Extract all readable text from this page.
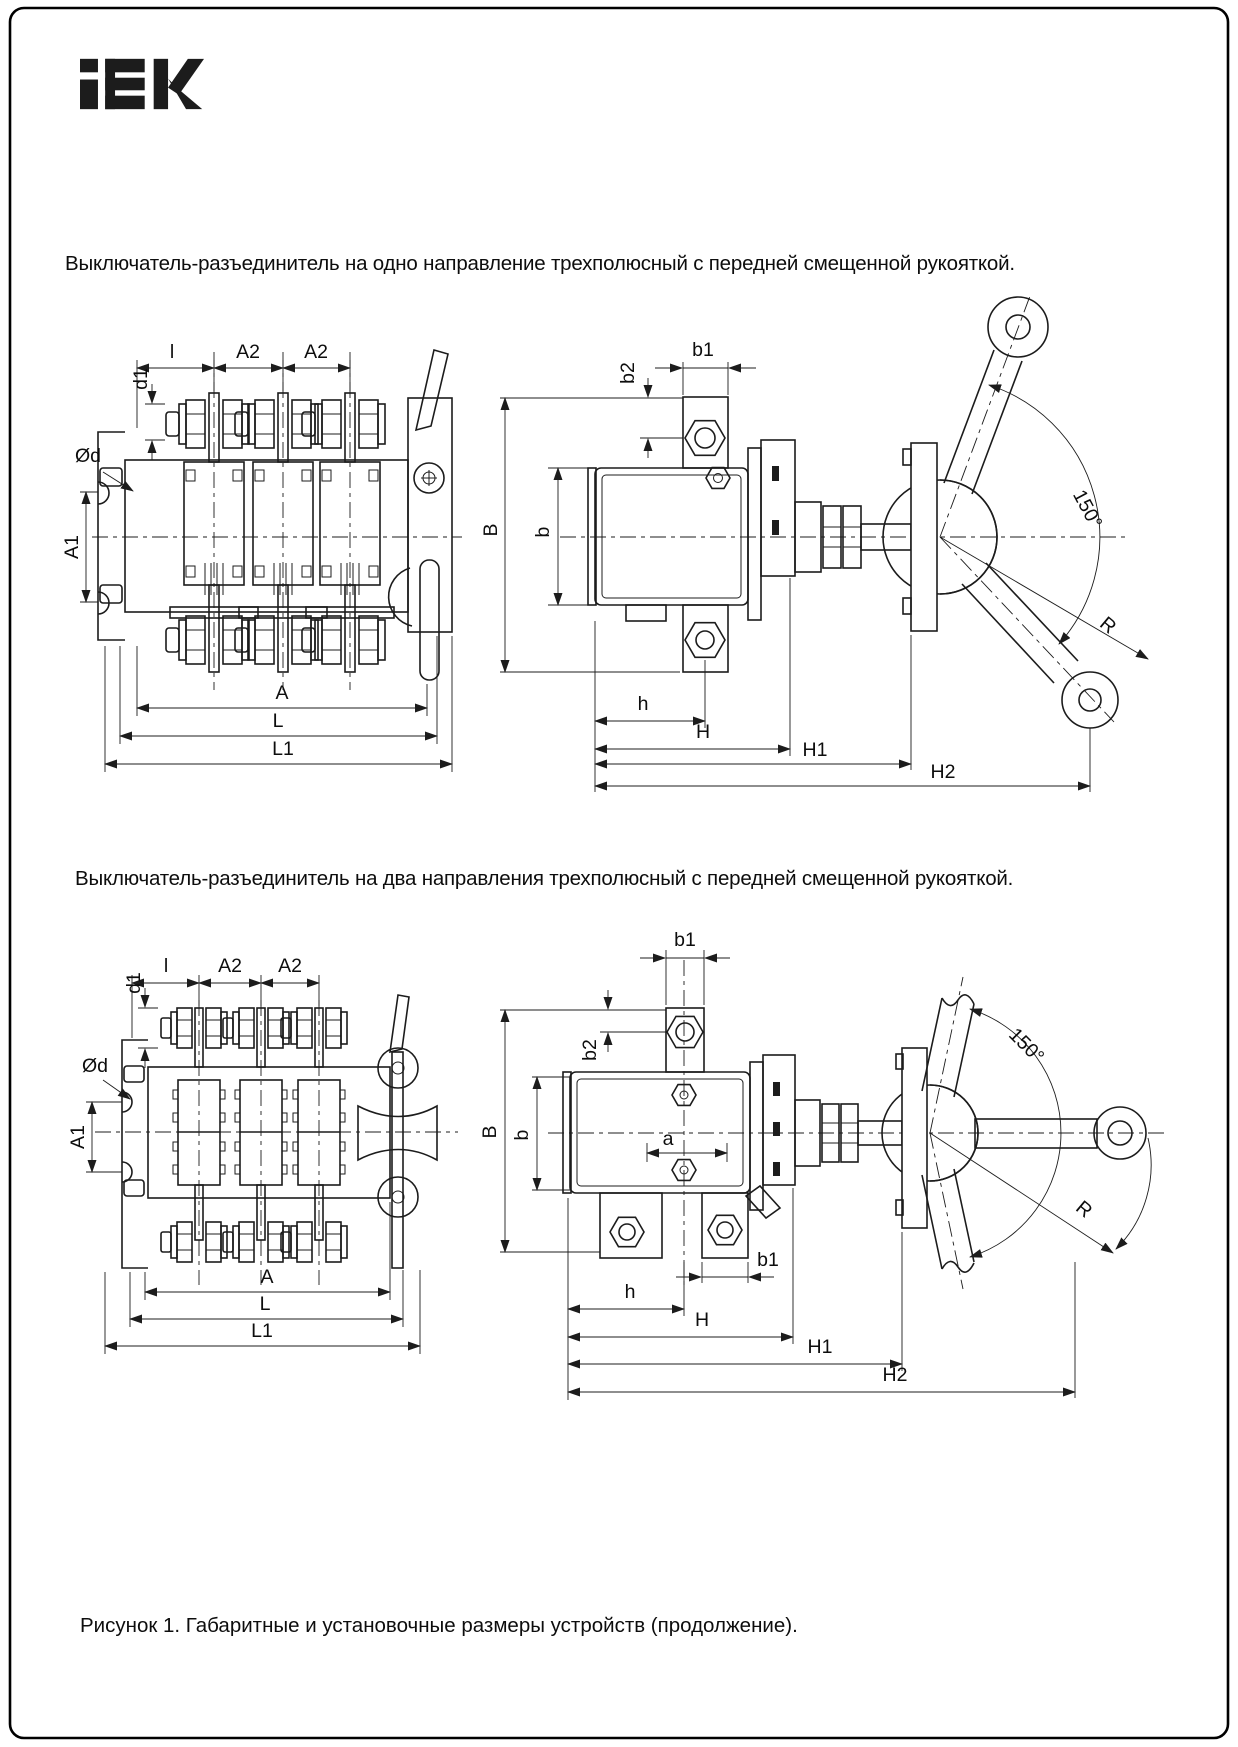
Выключатель-разъединитель на одно направление трехполюсный с передней смещенной рукояткой.
Выключатель-разъединитель на два направления трехполюсный с передней смещенной рукояткой.
Рисунок 1. Габаритные и установочные размеры устройств (продолжение).
l	A2 A2
d1
Ød
A1
A
L
L1
150°
R
b1
b2
B b
h
H
H1
H2
l	A2 A2
d1
Ød
A1
A
L
L1
150°
R
b1
b2
B b	a
b1
h
H
H1
H2
